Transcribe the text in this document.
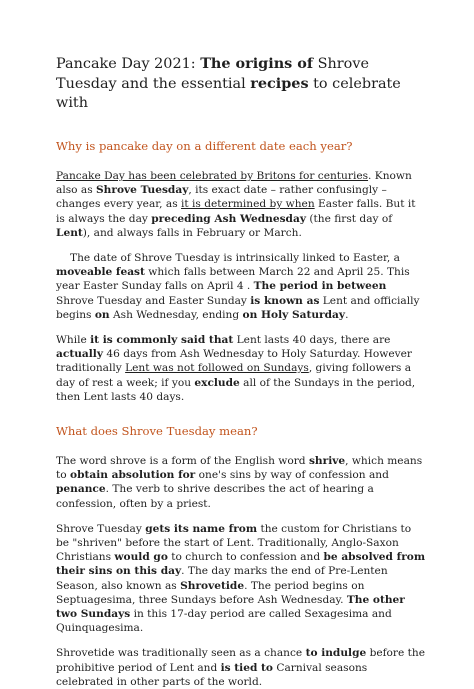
Pancake Day 2021: The origins of Shrove Tuesday and the essential recipes to celebrate with
Why is pancake day on a different date each year?

Pancake Day has been celebrated by Britons for centuries. Known also as Shrove Tuesday, its exact date – rather confusingly – changes every year, as it is determined by when Easter falls. But it is always the day preceding Ash Wednesday (the first day of Lent), and always falls in February or March.

The date of Shrove Tuesday is intrinsically linked to Easter, a moveable feast which falls between March 22 and April 25. This year Easter Sunday falls on April 4 . The period in between Shrove Tuesday and Easter Sunday is known as Lent and officially begins on Ash Wednesday, ending on Holy Saturday.

While it is commonly said that Lent lasts 40 days, there are actually 46 days from Ash Wednesday to Holy Saturday. However traditionally Lent was not followed on Sundays, giving followers a day of rest a week; if you exclude all of the Sundays in the period, then Lent lasts 40 days.

What does Shrove Tuesday mean?

The word shrove is a form of the English word shrive, which means to obtain absolution for one's sins by way of confession and penance. The verb to shrive describes the act of hearing a confession, often by a priest.

Shrove Tuesday gets its name from the custom for Christians to be "shriven" before the start of Lent. Traditionally, Anglo-Saxon Christians would go to church to confession and be absolved from their sins on this day. The day marks the end of Pre-Lenten Season, also known as Shrovetide. The period begins on Septuagesima, three Sundays before Ash Wednesday. The other two Sundays in this 17-day period are called Sexagesima and Quinquagesima.

Shrovetide was traditionally seen as a chance to indulge before the prohibitive period of Lent and is tied to Carnival seasons celebrated in other parts of the world.
